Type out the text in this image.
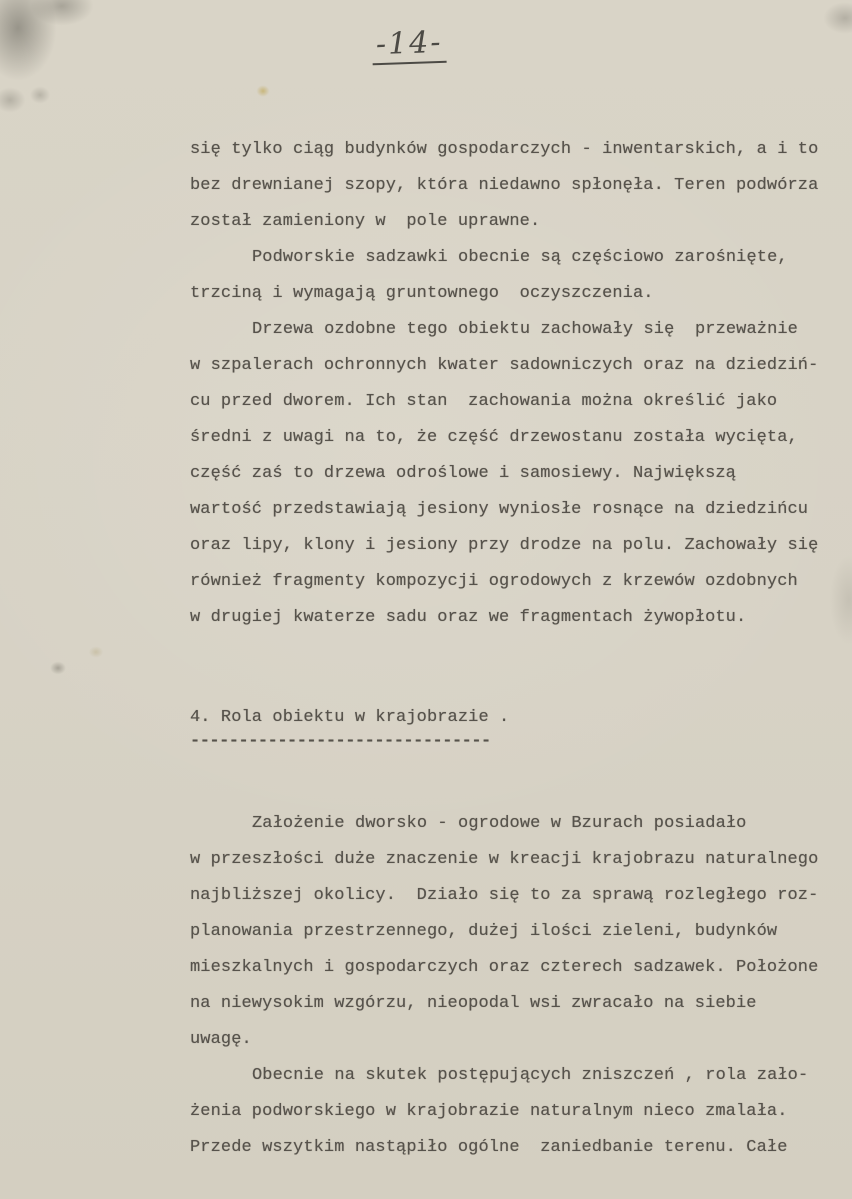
-14-
się tylko ciąg budynków gospodarczych - inwentarskich, a i to
bez drewnianej szopy, która niedawno spłonęła. Teren podwórza
został zamieniony w  pole uprawne.
Podworskie sadzawki obecnie są częściowo zarośnięte,
trzciną i wymagają gruntownego  oczyszczenia.
Drzewa ozdobne tego obiektu zachowały się  przeważnie
w szpalerach ochronnych kwater sadowniczych oraz na dziedziń-
cu przed dworem. Ich stan  zachowania można określić jako
średni z uwagi na to, że część drzewostanu została wycięta,
część zaś to drzewa odroślowe i samosiewy. Największą
wartość przedstawiają jesiony wyniosłe rosnące na dziedzińcu
oraz lipy, klony i jesiony przy drodze na polu. Zachowały się
również fragmenty kompozycji ogrodowych z krzewów ozdobnych
w drugiej kwaterze sadu oraz we fragmentach żywopłotu.
4. Rola obiektu w krajobrazie .
-------------------------------
Założenie dworsko - ogrodowe w Bzurach posiadało
w przeszłości duże znaczenie w kreacji krajobrazu naturalnego
najbliższej okolicy.  Działo się to za sprawą rozległego roz-
planowania przestrzennego, dużej ilości zieleni, budynków
mieszkalnych i gospodarczych oraz czterech sadzawek. Położone
na niewysokim wzgórzu, nieopodal wsi zwracało na siebie
uwagę.
Obecnie na skutek postępujących zniszczeń , rola zało-
żenia podworskiego w krajobrazie naturalnym nieco zmalała.
Przede wszytkim nastąpiło ogólne  zaniedbanie terenu. Całe
